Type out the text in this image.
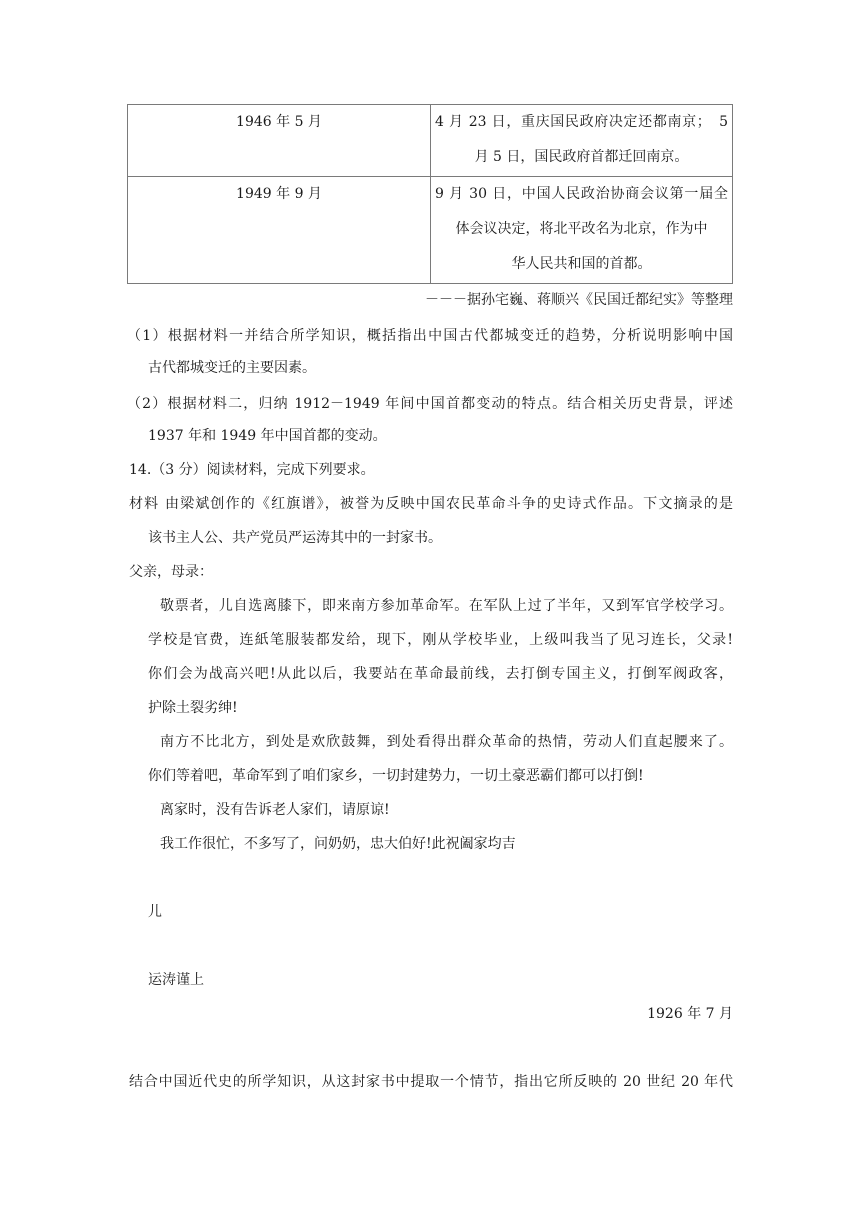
1946 年 5 月	4 月 23 日，重庆国民政府决定还都南京；　5
月 5 日，国民政府首都迁回南京。

1949 年 9 月	9 月 30 日，中国人民政治协商会议第一届全
体会议决定，将北平改名为北京，作为中
华人民共和国的首都。
－－－据孙宅巍、蒋顺兴《民国迁都纪实》等整理
（1）根据材料一并结合所学知识，概括指出中国古代都城变迁的趋势，分析说明影响中国
古代都城变迁的主要因素。
（2）根据材料二，归纳 1912－1949 年间中国首都变动的特点。结合相关历史背景，评述
1937 年和 1949 年中国首都的变动。
14.（3 分）阅读材料，完成下列要求。
材料 由梁斌创作的《红旗谱》，被誉为反映中国农民革命斗争的史诗式作品。下文摘录的是
该书主人公、共产党员严运涛其中的一封家书。
父亲，母录：
敬票者，儿自选离膝下，即来南方参加革命军。在军队上过了半年，又到军官学校学习。
学校是官费，连紙笔服装都发给，现下，刚从学校毕业，上级叫我当了见习连长，父录!
你们会为战高兴吧!从此以后，我要站在革命最前线，去打倒专国主义，打倒军阀政客，
护除土裂劣绅!
南方不比北方，到处是欢欣鼓舞，到处看得出群众革命的热情，劳动人们直起腰来了。
你们等着吧，革命军到了咱们家乡，一切封建势力，一切土豪恶霸们都可以打倒!
离家时，没有告诉老人家们，请原谅!
我工作很忙，不多写了，问奶奶，忠大伯好!此祝阖家均吉
儿
运涛谨上
1926 年 7 月
结合中国近代史的所学知识，从这封家书中提取一个情节，指出它所反映的 20 世纪 20 年代
